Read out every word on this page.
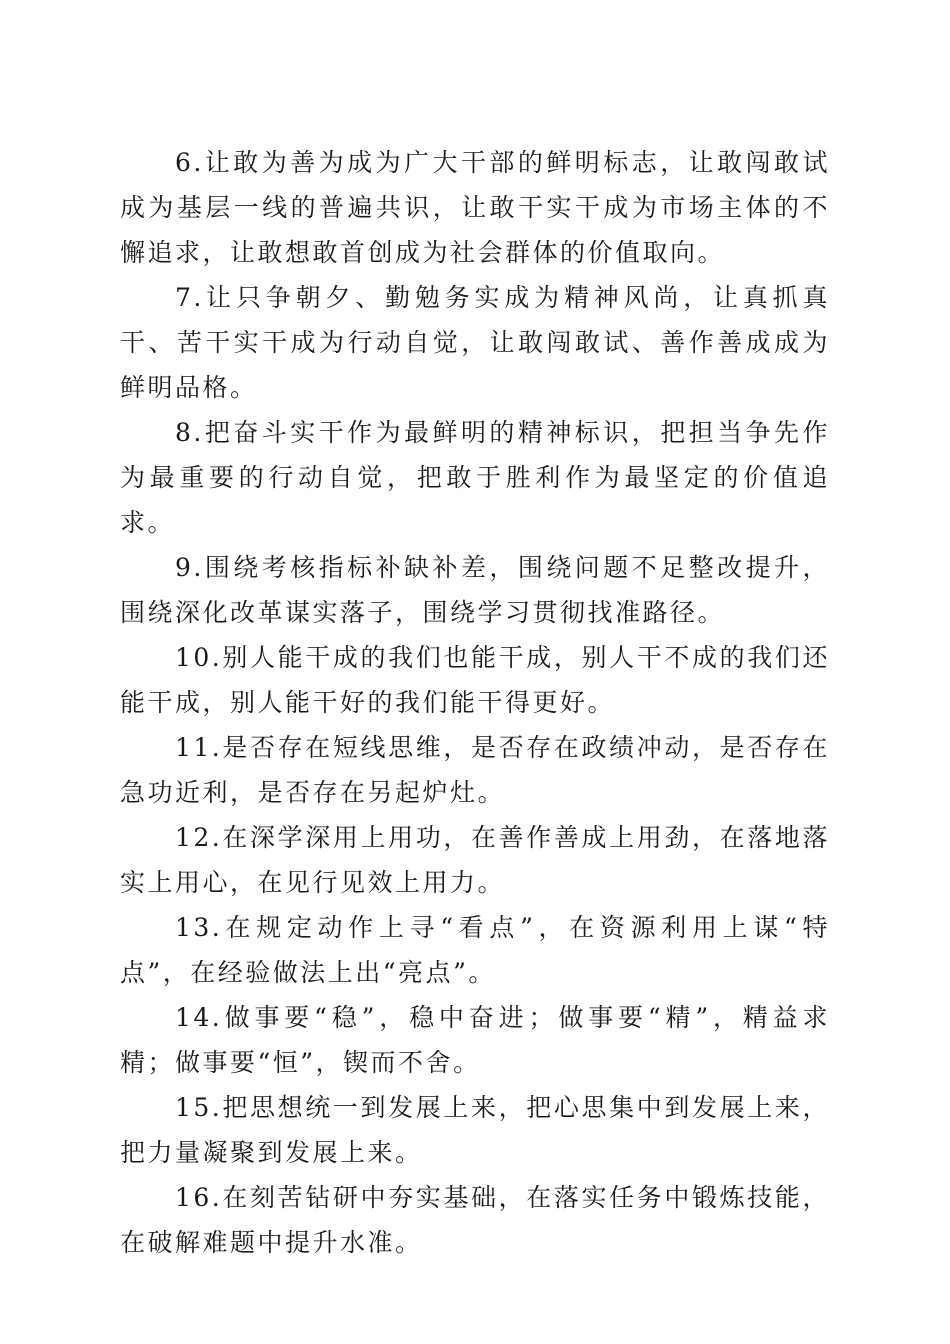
6.让敢为善为成为广大干部的鲜明标志，让敢闯敢试成为基层一线的普遍共识，让敢干实干成为市场主体的不懈追求，让敢想敢首创成为社会群体的价值取向。

7.让只争朝夕、勤勉务实成为精神风尚，让真抓真干、苦干实干成为行动自觉，让敢闯敢试、善作善成成为鲜明品格。

8.把奋斗实干作为最鲜明的精神标识，把担当争先作为最重要的行动自觉，把敢于胜利作为最坚定的价值追求。

9.围绕考核指标补缺补差，围绕问题不足整改提升，围绕深化改革谋实落子，围绕学习贯彻找准路径。

10.别人能干成的我们也能干成，别人干不成的我们还能干成，别人能干好的我们能干得更好。

11.是否存在短线思维，是否存在政绩冲动，是否存在急功近利，是否存在另起炉灶。

12.在深学深用上用功，在善作善成上用劲，在落地落实上用心，在见行见效上用力。

13.在规定动作上寻“看点”，在资源利用上谋“特点”，在经验做法上出“亮点”。

14.做事要“稳”，稳中奋进；做事要“精”，精益求精；做事要“恒”，锲而不舍。

15.把思想统一到发展上来，把心思集中到发展上来，把力量凝聚到发展上来。

16.在刻苦钻研中夯实基础，在落实任务中锻炼技能，在破解难题中提升水准。
